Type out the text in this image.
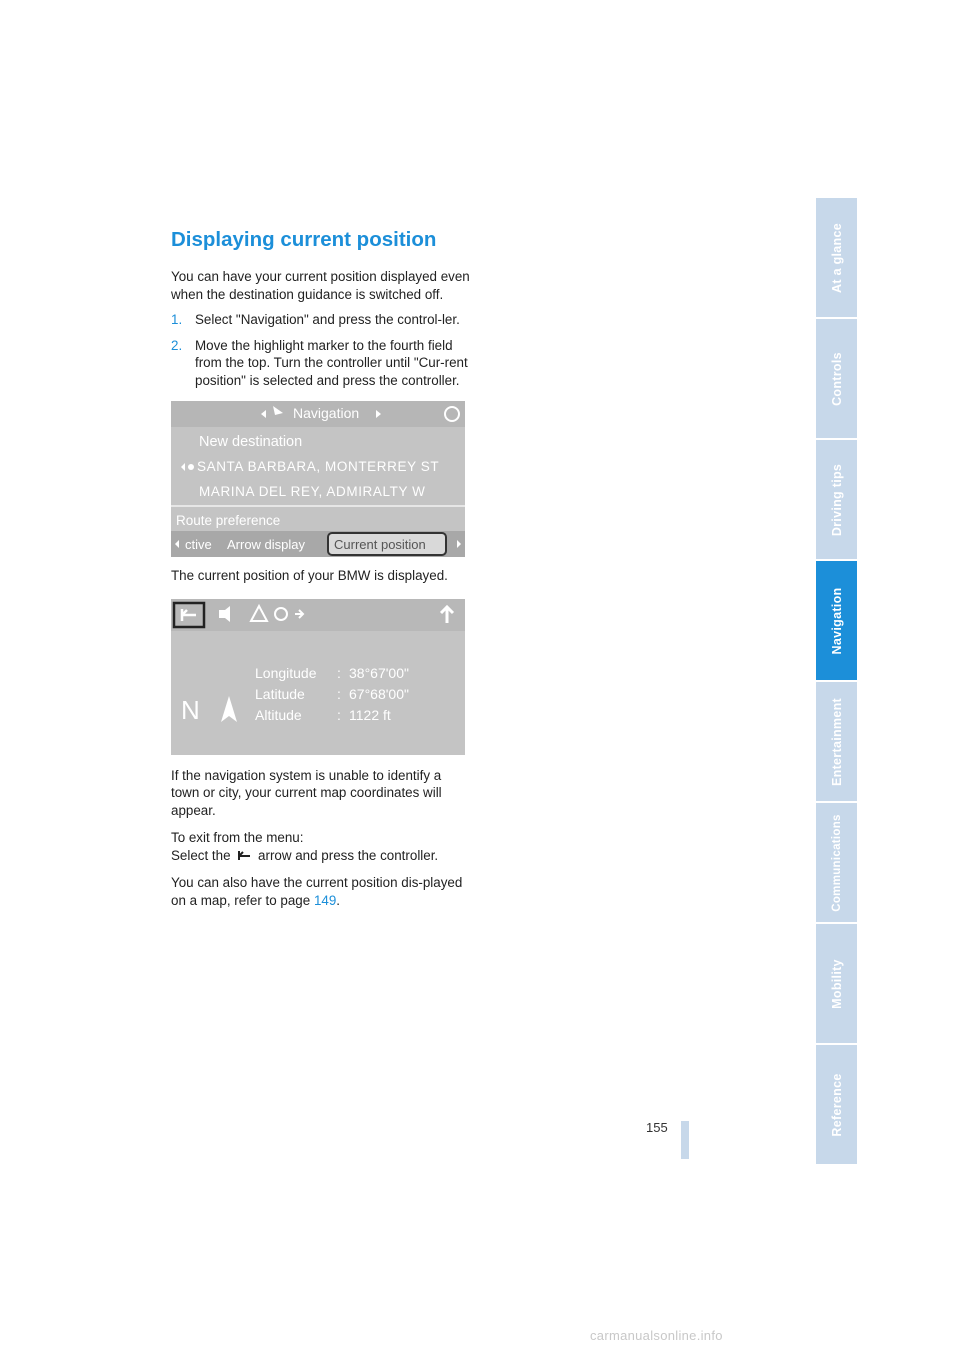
Displaying current position

You can have your current position displayed even when the destination guidance is switched off.

1. Select "Navigation" and press the control-ler.
2. Move the highlight marker to the fourth field from the top. Turn the controller until "Cur-rent position" is selected and press the controller.
Navigation
New destination
SANTA BARBARA, MONTERREY ST
MARINA DEL REY, ADMIRALTY W
Route preference
ctive Arrow display Current position

The current position of your BMW is displayed.

N
Longitude : 38°67'00"
Latitude : 67°68'00"
Altitude	: 1122 ft

If the navigation system is unable to identify a town or city, your current map coordinates will appear.

To exit from the menu:
Select the arrow and press the controller.

You can also have the current position dis-played on a map, refer to page 149.

At a glance
Controls
Driving tips
Navigation
Entertainment
Communications
Mobility
Reference
155
carmanualsonline.info
